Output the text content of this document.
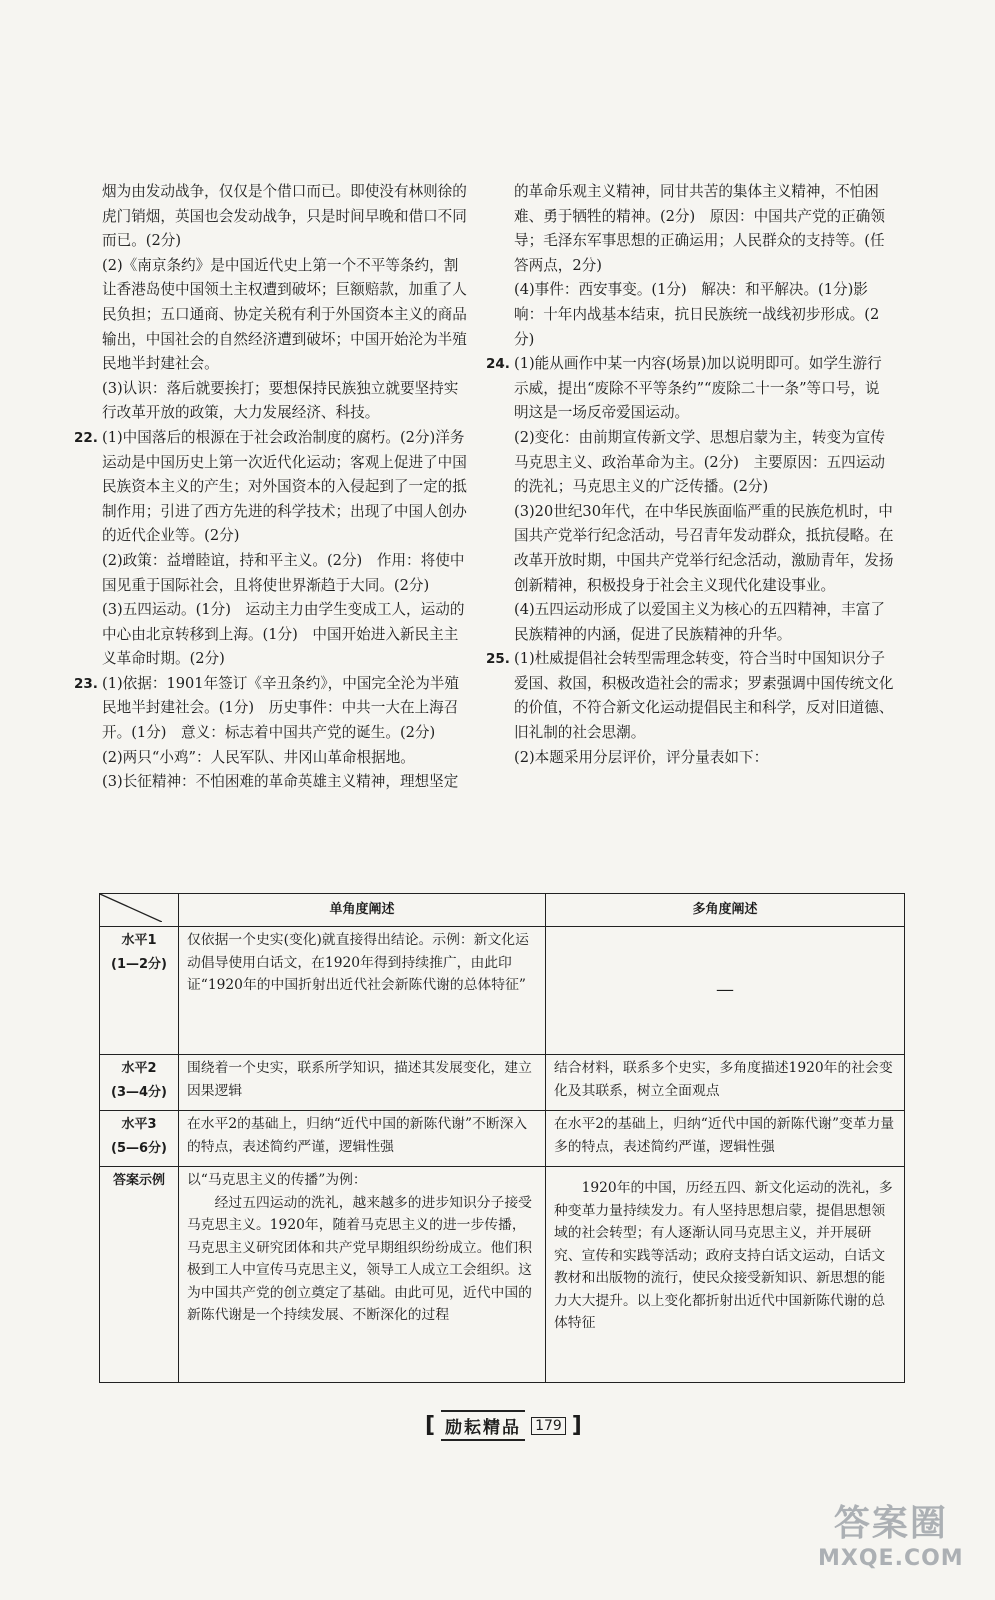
烟为由发动战争，仅仅是个借口而已。即使没有林则徐的虎门销烟，英国也会发动战争，只是时间早晚和借口不同而已。(2分)

(2)《南京条约》是中国近代史上第一个不平等条约，割让香港岛使中国领土主权遭到破坏；巨额赔款，加重了人民负担；五口通商、协定关税有利于外国资本主义的商品输出，中国社会的自然经济遭到破坏；中国开始沦为半殖民地半封建社会。

(3)认识：落后就要挨打；要想保持民族独立就要坚持实行改革开放的政策，大力发展经济、科技。

22. (1)中国落后的根源在于社会政治制度的腐朽。(2分)洋务运动是中国历史上第一次近代化运动；客观上促进了中国民族资本主义的产生；对外国资本的入侵起到了一定的抵制作用；引进了西方先进的科学技术；出现了中国人创办的近代企业等。(2分)

(2)政策：益增睦谊，持和平主义。(2分)　作用：将使中国见重于国际社会，且将使世界渐趋于大同。(2分)

(3)五四运动。(1分)　运动主力由学生变成工人，运动的中心由北京转移到上海。(1分)　中国开始进入新民主主义革命时期。(2分)

23. (1)依据：1901年签订《辛丑条约》，中国完全沦为半殖民地半封建社会。(1分)　历史事件：中共一大在上海召开。(1分)　意义：标志着中国共产党的诞生。(2分)

(2)两只“小鸡”：人民军队、井冈山革命根据地。

(3)长征精神：不怕困难的革命英雄主义精神，理想坚定

的革命乐观主义精神，同甘共苦的集体主义精神，不怕困难、勇于牺牲的精神。(2分)　原因：中国共产党的正确领导；毛泽东军事思想的正确运用；人民群众的支持等。(任答两点，2分)

(4)事件：西安事变。(1分)　解决：和平解决。(1分)影响：十年内战基本结束，抗日民族统一战线初步形成。(2分)

24. (1)能从画作中某一内容(场景)加以说明即可。如学生游行示威，提出“废除不平等条约”“废除二十一条”等口号，说明这是一场反帝爱国运动。

(2)变化：由前期宣传新文学、思想启蒙为主，转变为宣传马克思主义、政治革命为主。(2分)　主要原因：五四运动的洗礼；马克思主义的广泛传播。(2分)

(3)20世纪30年代，在中华民族面临严重的民族危机时，中国共产党举行纪念活动，号召青年发动群众，抵抗侵略。在改革开放时期，中国共产党举行纪念活动，激励青年，发扬创新精神，积极投身于社会主义现代化建设事业。

(4)五四运动形成了以爱国主义为核心的五四精神，丰富了民族精神的内涵，促进了民族精神的升华。

25. (1)杜威提倡社会转型需理念转变，符合当时中国知识分子爱国、救国，积极改造社会的需求；罗素强调中国传统文化的价值，不符合新文化运动提倡民主和科学，反对旧道德、旧礼制的社会思潮。

(2)本题采用分层评价，评分量表如下：

	单角度阐述	多角度阐述

水平1
(1—2分)	仅依据一个史实(变化)就直接得出结论。示例：新文化运动倡导使用白话文，在1920年得到持续推广，由此印证“1920年的中国折射出近代社会新陈代谢的总体特征”	—

水平2
(3—4分)	围绕着一个史实，联系所学知识，描述其发展变化，建立因果逻辑	结合材料，联系多个史实，多角度描述1920年的社会变化及其联系，树立全面观点

水平3
(5—6分)	在水平2的基础上，归纳“近代中国的新陈代谢”不断深入的特点，表述简约严谨，逻辑性强	在水平2的基础上，归纳“近代中国的新陈代谢”变革力量多的特点，表述简约严谨，逻辑性强
答案示例	以“马克思主义的传播”为例：
经过五四运动的洗礼，越来越多的进步知识分子接受马克思主义。1920年，随着马克思主义的进一步传播，马克思主义研究团体和共产党早期组织纷纷成立。他们积极到工人中宣传马克思主义，领导工人成立工会组织。这为中国共产党的创立奠定了基础。由此可见，近代中国的新陈代谢是一个持续发展、不断深化的过程	1920年的中国，历经五四、新文化运动的洗礼，多种变革力量持续发力。有人坚持思想启蒙，提倡思想领域的社会转型；有人逐渐认同马克思主义，并开展研究、宣传和实践等活动；政府支持白话文运动，白话文教材和出版物的流行，使民众接受新知识、新思想的能力大大提升。以上变化都折射出近代中国新陈代谢的总体特征
[ 励耘精品 179 ]
答案圈
MXQE.COM
